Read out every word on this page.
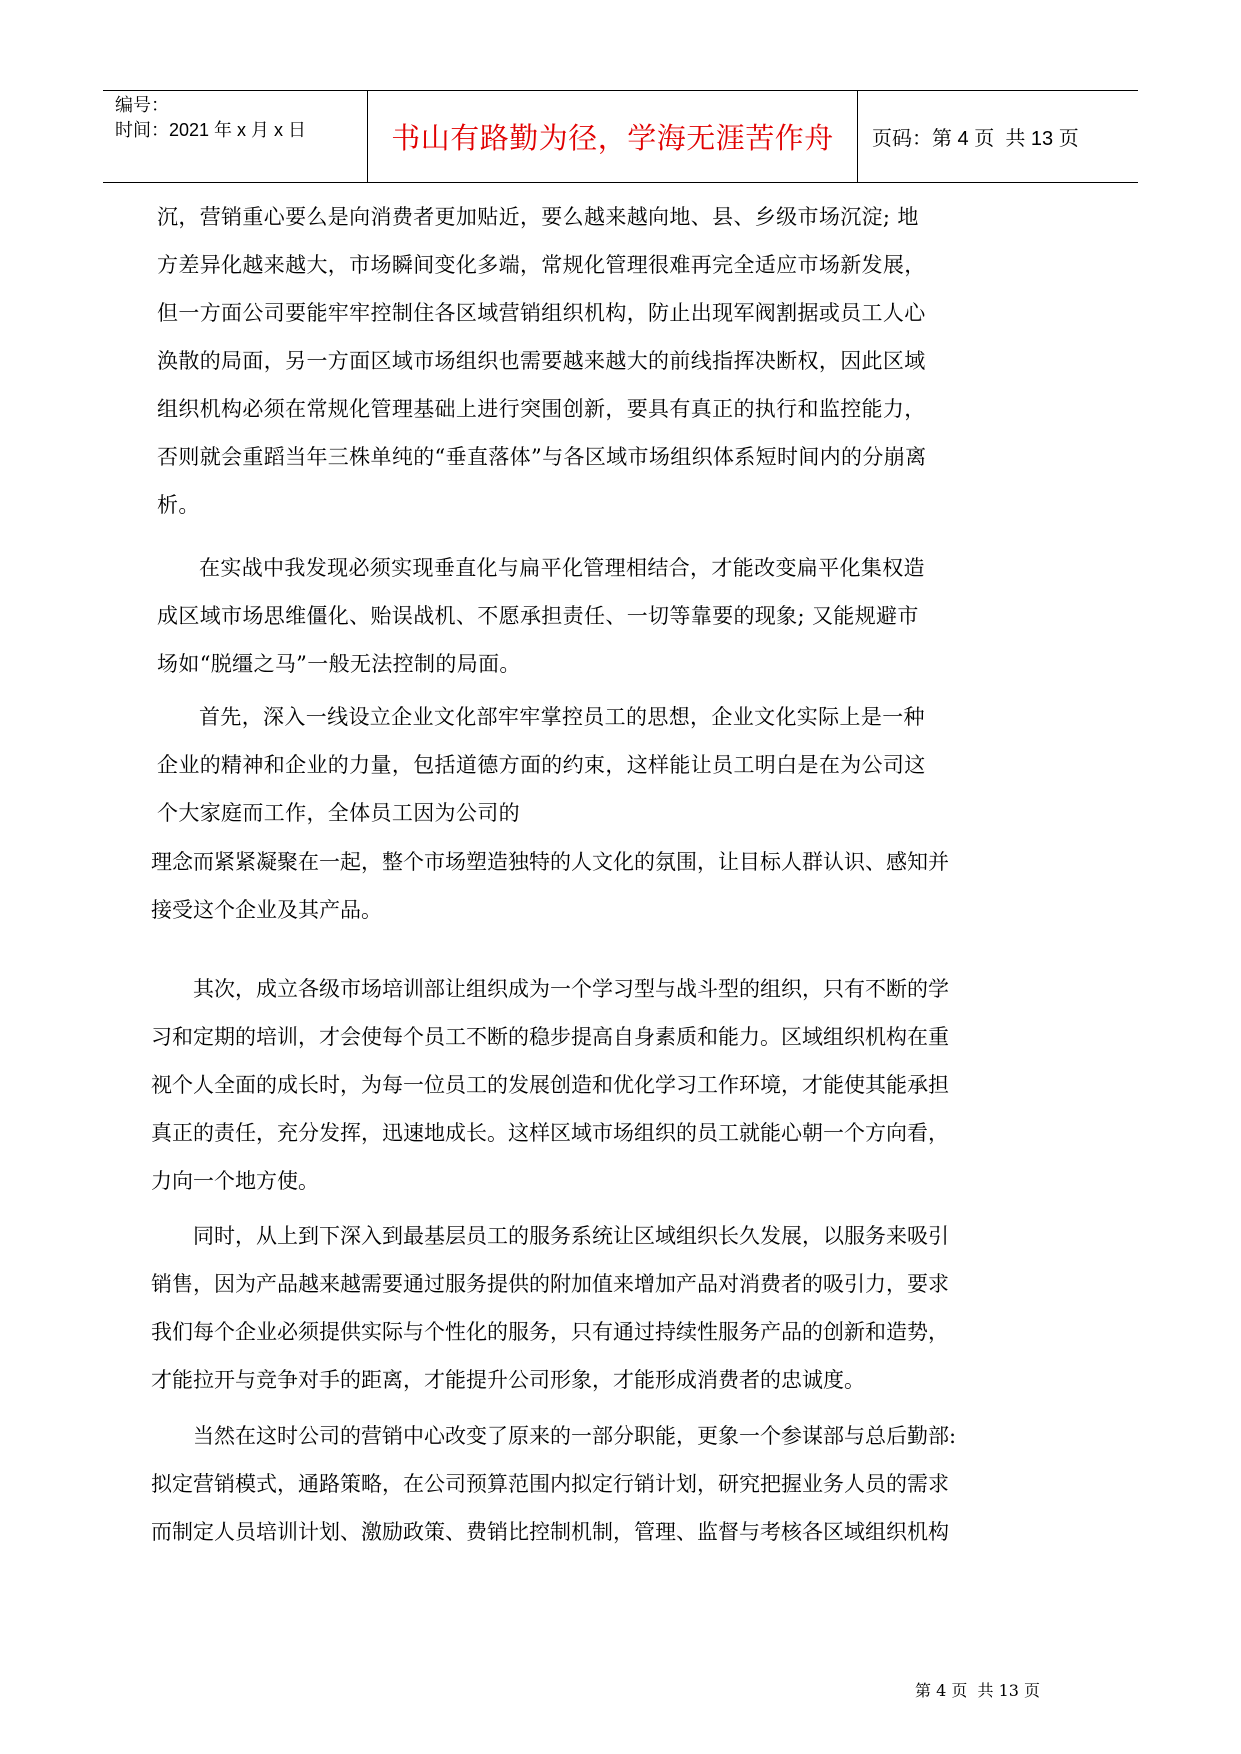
编号：
时间：2021 年 x 月 x 日	书山有路勤为径，学海无涯苦作舟 页码：第 4 页  共 13 页
沉，营销重心要么是向消费者更加贴近，要么越来越向地、县、乡级市场沉淀; 地
方差异化越来越大，市场瞬间变化多端，常规化管理很难再完全适应市场新发展，
但一方面公司要能牢牢控制住各区域营销组织机构，防止出现军阀割据或员工人心
涣散的局面，另一方面区域市场组织也需要越来越大的前线指挥决断权，因此区域
组织机构必须在常规化管理基础上进行突围创新，要具有真正的执行和监控能力，
否则就会重蹈当年三株单纯的“垂直落体”与各区域市场组织体系短时间内的分崩离
析。
在实战中我发现必须实现垂直化与扁平化管理相结合，才能改变扁平化集权造
成区域市场思维僵化、贻误战机、不愿承担责任、一切等靠要的现象; 又能规避市
场如“脱缰之马”一般无法控制的局面。
首先，深入一线设立企业文化部牢牢掌控员工的思想，企业文化实际上是一种
企业的精神和企业的力量，包括道德方面的约束，这样能让员工明白是在为公司这
个大家庭而工作，全体员工因为公司的
理念而紧紧凝聚在一起，整个市场塑造独特的人文化的氛围，让目标人群认识、感知并
接受这个企业及其产品。
其次，成立各级市场培训部让组织成为一个学习型与战斗型的组织，只有不断的学
习和定期的培训，才会使每个员工不断的稳步提高自身素质和能力。区域组织机构在重
视个人全面的成长时，为每一位员工的发展创造和优化学习工作环境，才能使其能承担
真正的责任，充分发挥，迅速地成长。这样区域市场组织的员工就能心朝一个方向看，
力向一个地方使。
同时，从上到下深入到最基层员工的服务系统让区域组织长久发展，以服务来吸引
销售，因为产品越来越需要通过服务提供的附加值来增加产品对消费者的吸引力，要求
我们每个企业必须提供实际与个性化的服务，只有通过持续性服务产品的创新和造势，
才能拉开与竞争对手的距离，才能提升公司形象，才能形成消费者的忠诚度。
当然在这时公司的营销中心改变了原来的一部分职能，更象一个参谋部与总后勤部:
拟定营销模式，通路策略，在公司预算范围内拟定行销计划，研究把握业务人员的需求
而制定人员培训计划、激励政策、费销比控制机制，管理、监督与考核各区域组织机构
第 4 页  共 13 页
